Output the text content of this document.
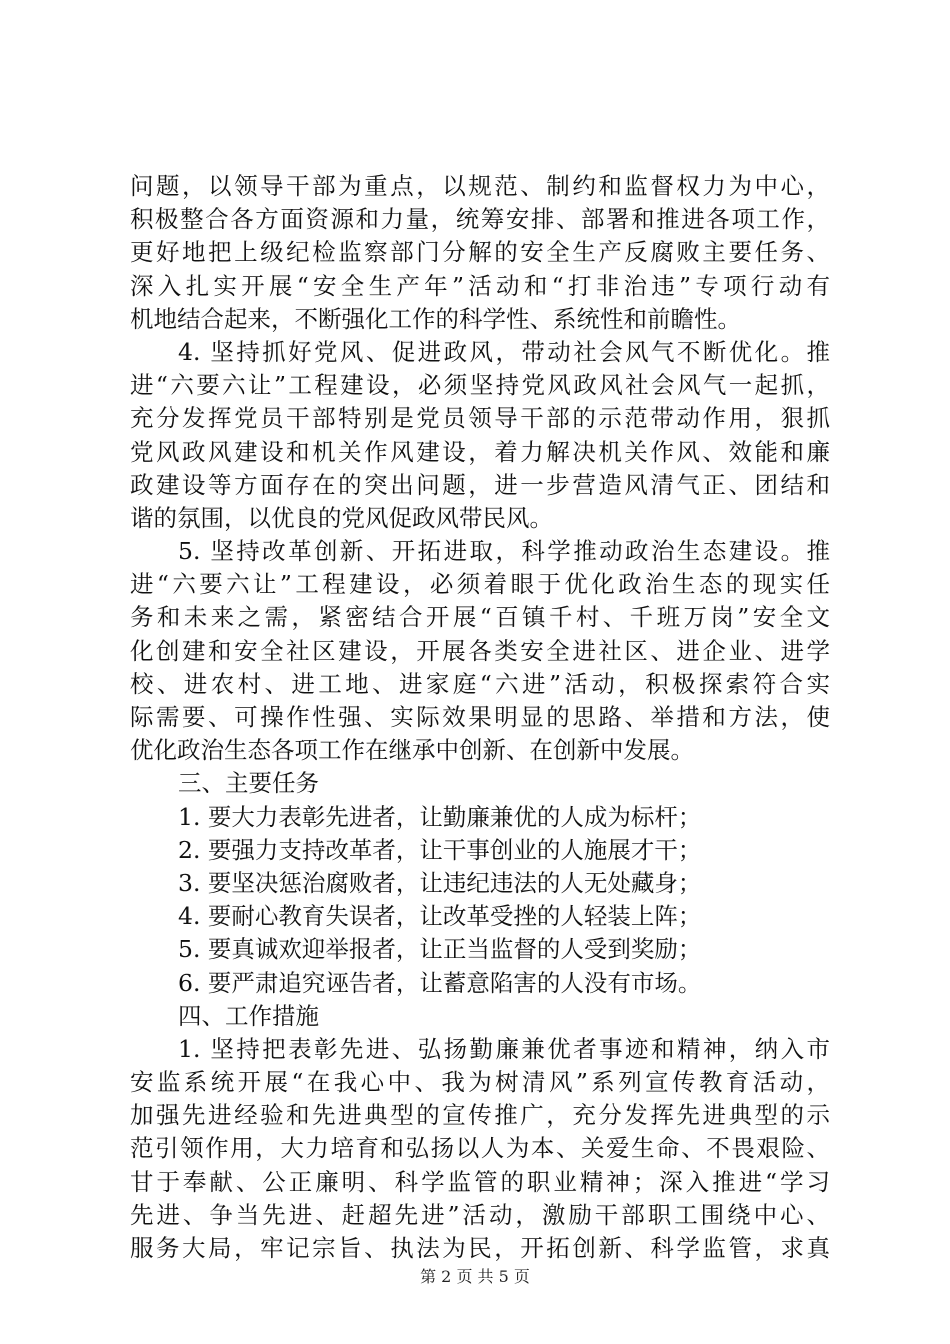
问题，以领导干部为重点，以规范、制约和监督权力为中心，
积极整合各方面资源和力量，统筹安排、部署和推进各项工作，
更好地把上级纪检监察部门分解的安全生产反腐败主要任务、
深入扎实开展“安全生产年”活动和“打非治违”专项行动有
机地结合起来，不断强化工作的科学性、系统性和前瞻性。
4. 坚持抓好党风、促进政风，带动社会风气不断优化。推
进“六要六让”工程建设，必须坚持党风政风社会风气一起抓，
充分发挥党员干部特别是党员领导干部的示范带动作用，狠抓
党风政风建设和机关作风建设，着力解决机关作风、效能和廉
政建设等方面存在的突出问题，进一步营造风清气正、团结和
谐的氛围，以优良的党风促政风带民风。
5. 坚持改革创新、开拓进取，科学推动政治生态建设。推
进“六要六让”工程建设，必须着眼于优化政治生态的现实任
务和未来之需，紧密结合开展“百镇千村、千班万岗”安全文
化创建和安全社区建设，开展各类安全进社区、进企业、进学
校、进农村、进工地、进家庭“六进”活动，积极探索符合实
际需要、可操作性强、实际效果明显的思路、举措和方法，使
优化政治生态各项工作在继承中创新、在创新中发展。
三、主要任务
1. 要大力表彰先进者，让勤廉兼优的人成为标杆；
2. 要强力支持改革者，让干事创业的人施展才干；
3. 要坚决惩治腐败者，让违纪违法的人无处藏身；
4. 要耐心教育失误者，让改革受挫的人轻装上阵；
5. 要真诚欢迎举报者，让正当监督的人受到奖励；
6. 要严肃追究诬告者，让蓄意陷害的人没有市场。
四、工作措施
1. 坚持把表彰先进、弘扬勤廉兼优者事迹和精神，纳入市
安监系统开展“在我心中、我为树清风”系列宣传教育活动，
加强先进经验和先进典型的宣传推广，充分发挥先进典型的示
范引领作用，大力培育和弘扬以人为本、关爱生命、不畏艰险、
甘于奉献、公正廉明、科学监管的职业精神；深入推进“学习
先进、争当先进、赶超先进”活动，激励干部职工围绕中心、
服务大局，牢记宗旨、执法为民，开拓创新、科学监管，求真
第 2 页 共 5 页
